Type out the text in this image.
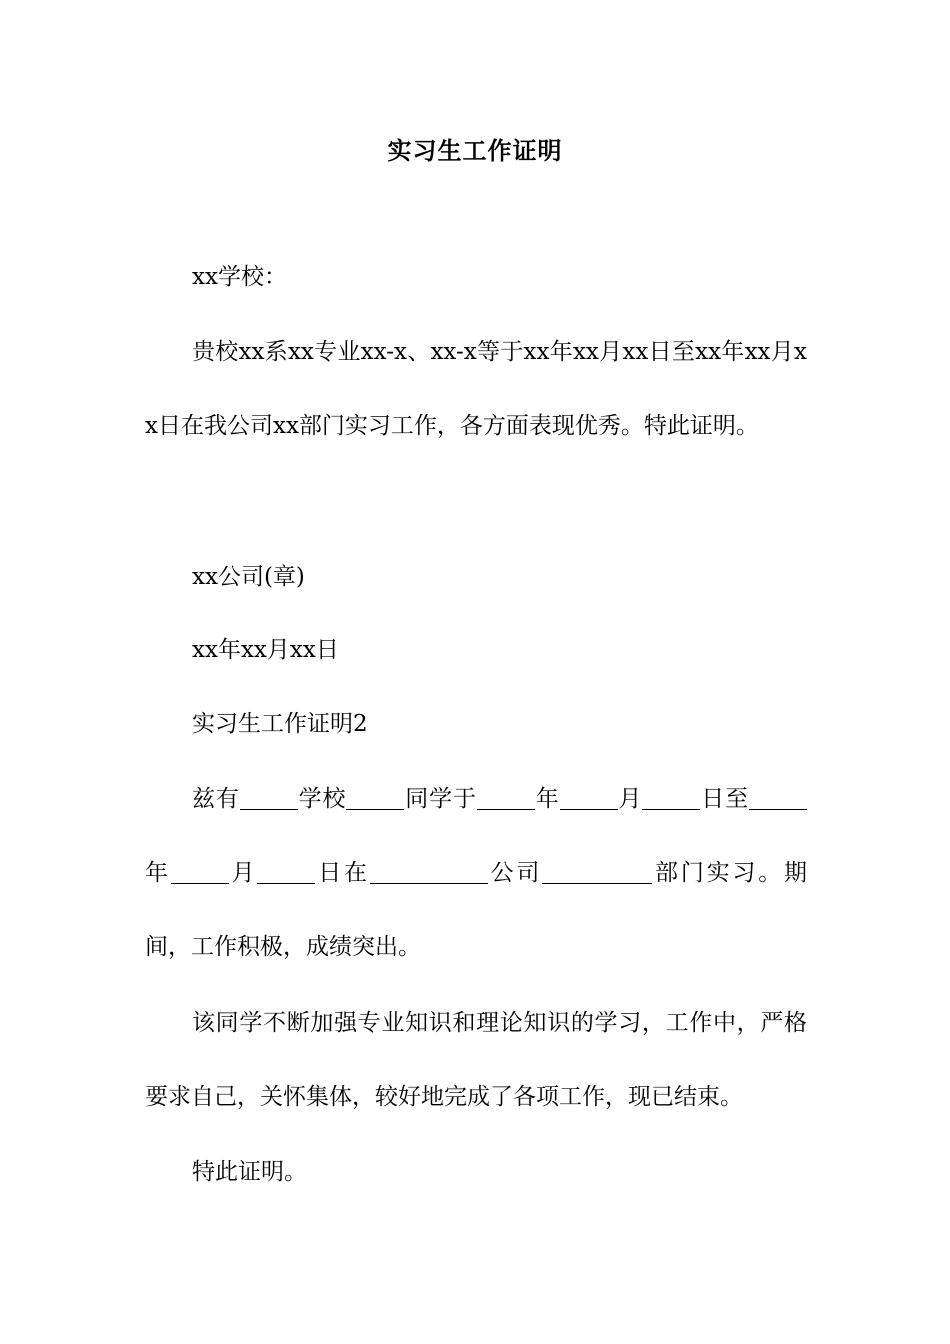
实习生工作证明
xx学校：

贵校xx系xx专业xx-x、xx-x等于xx年xx月xx日至xx年xx月xx日在我公司xx部门实习工作，各方面表现优秀。特此证明。

xx公司(章)
xx年xx月xx日
实习生工作证明2

兹有	学校	同学于	年	月	日至年	月	日在	公司	部门实习。期间，工作积极，成绩突出。

该同学不断加强专业知识和理论知识的学习，工作中，严格要求自己，关怀集体，较好地完成了各项工作，现已结束。

特此证明。
